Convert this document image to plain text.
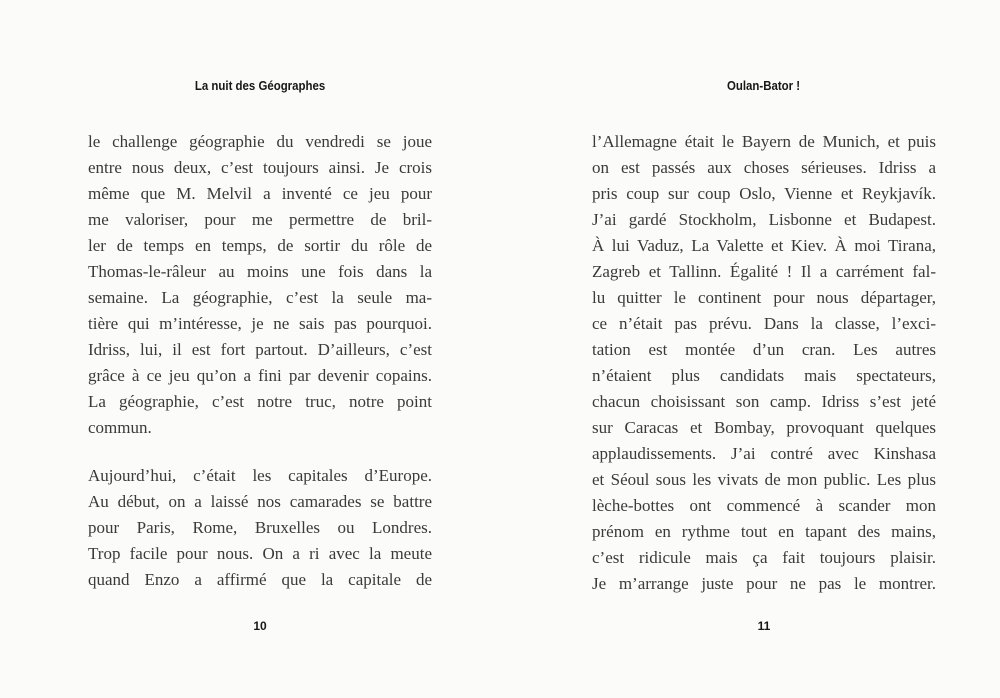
La nuit des Géographes
le challenge géographie du vendredi se joue
entre nous deux, c’est toujours ainsi. Je crois
même que M. Melvil a inventé ce jeu pour
me valoriser, pour me permettre de bril-
ler de temps en temps, de sortir du rôle de
Thomas-le-râleur au moins une fois dans la
semaine. La géographie, c’est la seule ma-
tière qui m’intéresse, je ne sais pas pourquoi.
Idriss, lui, il est fort partout. D’ailleurs, c’est
grâce à ce jeu qu’on a fini par devenir copains.
La géographie, c’est notre truc, notre point
commun.
Aujourd’hui, c’était les capitales d’Europe.
Au début, on a laissé nos camarades se battre
pour Paris, Rome, Bruxelles ou Londres.
Trop facile pour nous. On a ri avec la meute
quand Enzo a affirmé que la capitale de
10
Oulan-Bator !
l’Allemagne était le Bayern de Munich, et puis
on est passés aux choses sérieuses. Idriss a
pris coup sur coup Oslo, Vienne et Reykjavík.
J’ai gardé Stockholm, Lisbonne et Budapest.
À lui Vaduz, La Valette et Kiev. À moi Tirana,
Zagreb et Tallinn. Égalité ! Il a carrément fal-
lu quitter le continent pour nous départager,
ce n’était pas prévu. Dans la classe, l’exci-
tation est montée d’un cran. Les autres
n’étaient plus candidats mais spectateurs,
chacun choisissant son camp. Idriss s’est jeté
sur Caracas et Bombay, provoquant quelques
applaudissements. J’ai contré avec Kinshasa
et Séoul sous les vivats de mon public. Les plus
lèche-bottes ont commencé à scander mon
prénom en rythme tout en tapant des mains,
c’est ridicule mais ça fait toujours plaisir.
Je m’arrange juste pour ne pas le montrer.
11
